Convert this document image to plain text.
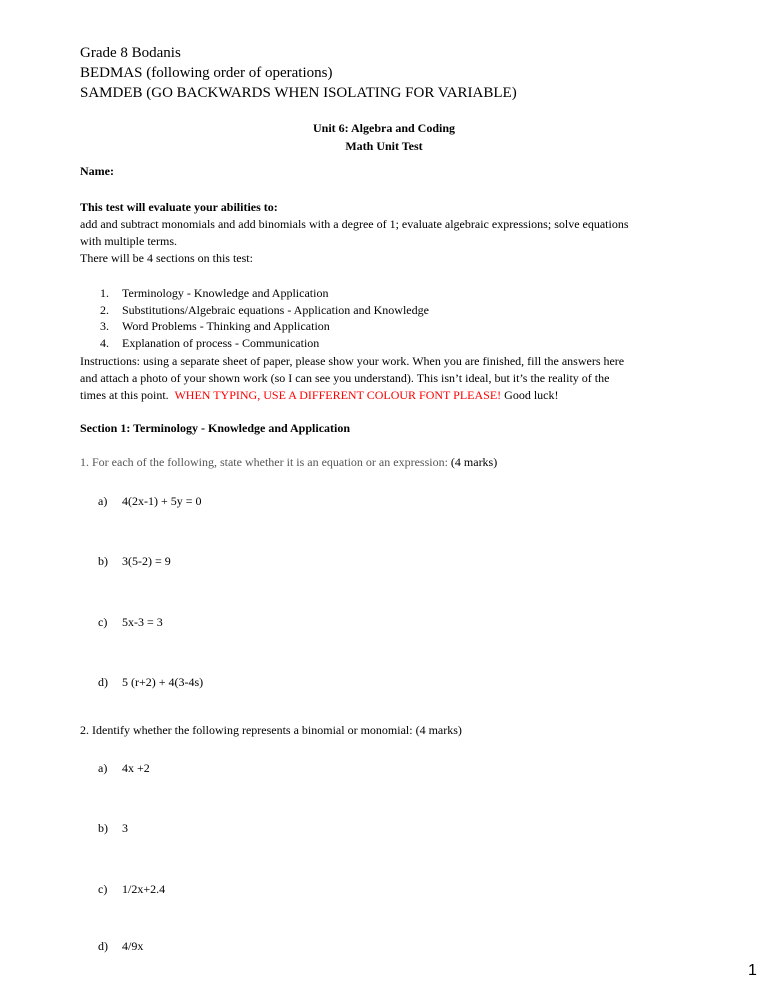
Grade 8 Bodanis
BEDMAS (following order of operations)
SAMDEB (GO BACKWARDS WHEN ISOLATING FOR VARIABLE)
Unit 6: Algebra and Coding
Math Unit Test
Name:
This test will evaluate your abilities to:
add and subtract monomials and add binomials with a degree of 1; evaluate algebraic expressions; solve equations
with multiple terms.
There will be 4 sections on this test:
1. Terminology - Knowledge and Application
2. Substitutions/Algebraic equations - Application and Knowledge
3. Word Problems - Thinking and Application
4. Explanation of process - Communication
Instructions: using a separate sheet of paper, please show your work. When you are finished, fill the answers here
and attach a photo of your shown work (so I can see you understand). This isn’t ideal, but it’s the reality of the
times at this point.  WHEN TYPING, USE A DIFFERENT COLOUR FONT PLEASE! Good luck!
Section 1: Terminology - Knowledge and Application
1. For each of the following, state whether it is an equation or an expression: (4 marks)
a) 4(2x-1) + 5y = 0
b) 3(5-2) = 9
c) 5x-3 = 3
d) 5 (r+2) + 4(3-4s)
2. Identify whether the following represents a binomial or monomial: (4 marks)
a) 4x +2
b) 3
c) 1/2x+2.4
d) 4/9x
1
